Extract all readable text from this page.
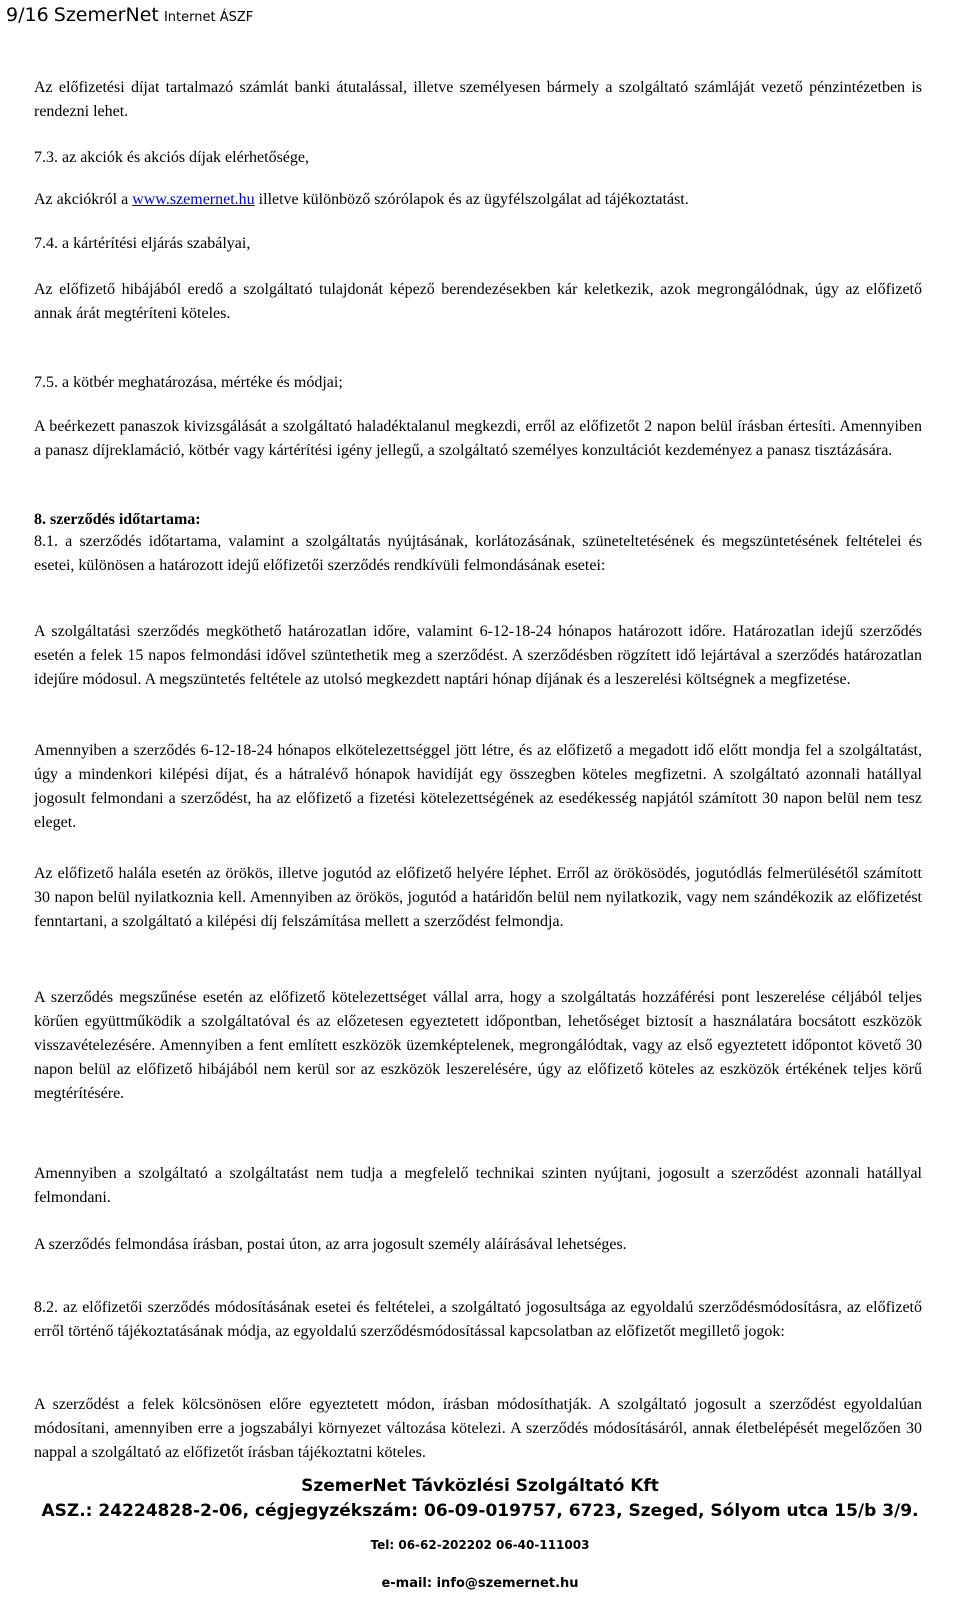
9/16 SzemerNet Internet ÁSZF
Az előfizetési díjat tartalmazó számlát banki átutalással, illetve személyesen bármely a szolgáltató számláját vezető pénzintézetben is rendezni lehet.
7.3. az akciók és akciós díjak elérhetősége,
Az akciókról a www.szemernet.hu illetve különböző szórólapok és az ügyfélszolgálat ad tájékoztatást.
7.4. a kártérítési eljárás szabályai,
Az előfizető hibájából eredő a szolgáltató tulajdonát képező berendezésekben kár keletkezik, azok megrongálódnak, úgy az előfizető annak árát megtéríteni köteles.
7.5. a kötbér meghatározása, mértéke és módjai;
A beérkezett panaszok kivizsgálását a szolgáltató haladéktalanul megkezdi, erről az előfizetőt 2 napon belül írásban értesíti. Amennyiben a panasz díjreklamáció, kötbér vagy kártérítési igény jellegű, a szolgáltató személyes konzultációt kezdeményez a panasz tisztázására.
8. szerződés időtartama:
8.1. a szerződés időtartama, valamint a szolgáltatás nyújtásának, korlátozásának, szüneteltetésének és megszüntetésének feltételei és esetei, különösen a határozott idejű előfizetői szerződés rendkívüli felmondásának esetei:
A szolgáltatási szerződés megköthető határozatlan időre, valamint 6-12-18-24 hónapos határozott időre. Határozatlan idejű szerződés esetén a felek 15 napos felmondási idővel szüntethetik meg a szerződést. A szerződésben rögzített idő lejártával a szerződés határozatlan idejűre módosul. A megszüntetés feltétele az utolsó megkezdett naptári hónap díjának és a leszerelési költségnek a megfizetése.
Amennyiben a szerződés 6-12-18-24 hónapos elkötelezettséggel jött létre, és az előfizető a megadott idő előtt mondja fel a szolgáltatást, úgy a mindenkori kilépési díjat, és a hátralévő hónapok havidíját egy összegben köteles megfizetni. A szolgáltató azonnali hatállyal jogosult felmondani a szerződést, ha az előfizető a fizetési kötelezettségének az esedékesség napjától számított 30 napon belül nem tesz eleget.
Az előfizető halála esetén az örökös, illetve jogutód az előfizető helyére léphet. Erről az örökösödés, jogutódlás felmerülésétől számított 30 napon belül nyilatkoznia kell. Amennyiben az örökös, jogutód a határidőn belül nem nyilatkozik, vagy nem szándékozik az előfizetést fenntartani, a szolgáltató a kilépési díj felszámítása mellett a szerződést felmondja.
A szerződés megszűnése esetén az előfizető kötelezettséget vállal arra, hogy a szolgáltatás hozzáférési pont leszerelése céljából teljes körűen együttműködik a szolgáltatóval és az előzetesen egyeztetett időpontban, lehetőséget biztosít a használatára bocsátott eszközök visszavételezésére. Amennyiben a fent említett eszközök üzemképtelenek, megrongálódtak, vagy az első egyeztetett időpontot követő 30 napon belül az előfizető hibájából nem kerül sor az eszközök leszerelésére, úgy az előfizető köteles az eszközök értékének teljes körű megtérítésére.
Amennyiben a szolgáltató a szolgáltatást nem tudja a megfelelő technikai szinten nyújtani, jogosult a szerződést azonnali hatállyal felmondani.
A szerződés felmondása írásban, postai úton, az arra jogosult személy aláírásával lehetséges.
8.2. az előfizetői szerződés módosításának esetei és feltételei, a szolgáltató jogosultsága az egyoldalú szerződésmódosításra, az előfizető erről történő tájékoztatásának módja, az egyoldalú szerződésmódosítással kapcsolatban az előfizetőt megillető jogok:
A szerződést a felek kölcsönösen előre egyeztetett módon, írásban módosíthatják. A szolgáltató jogosult a szerződést egyoldalúan módosítani, amennyiben erre a jogszabályi környezet változása kötelezi. A szerződés módosításáról, annak életbelépését megelőzően 30 nappal a szolgáltató az előfizetőt írásban tájékoztatni köteles.
SzemerNet Távközlési Szolgáltató Kft
ASZ.: 24224828-2-06, cégjegyzékszám: 06-09-019757, 6723, Szeged, Sólyom utca 15/b 3/9.
Tel: 06-62-202202 06-40-111003
e-mail: info@szemernet.hu
